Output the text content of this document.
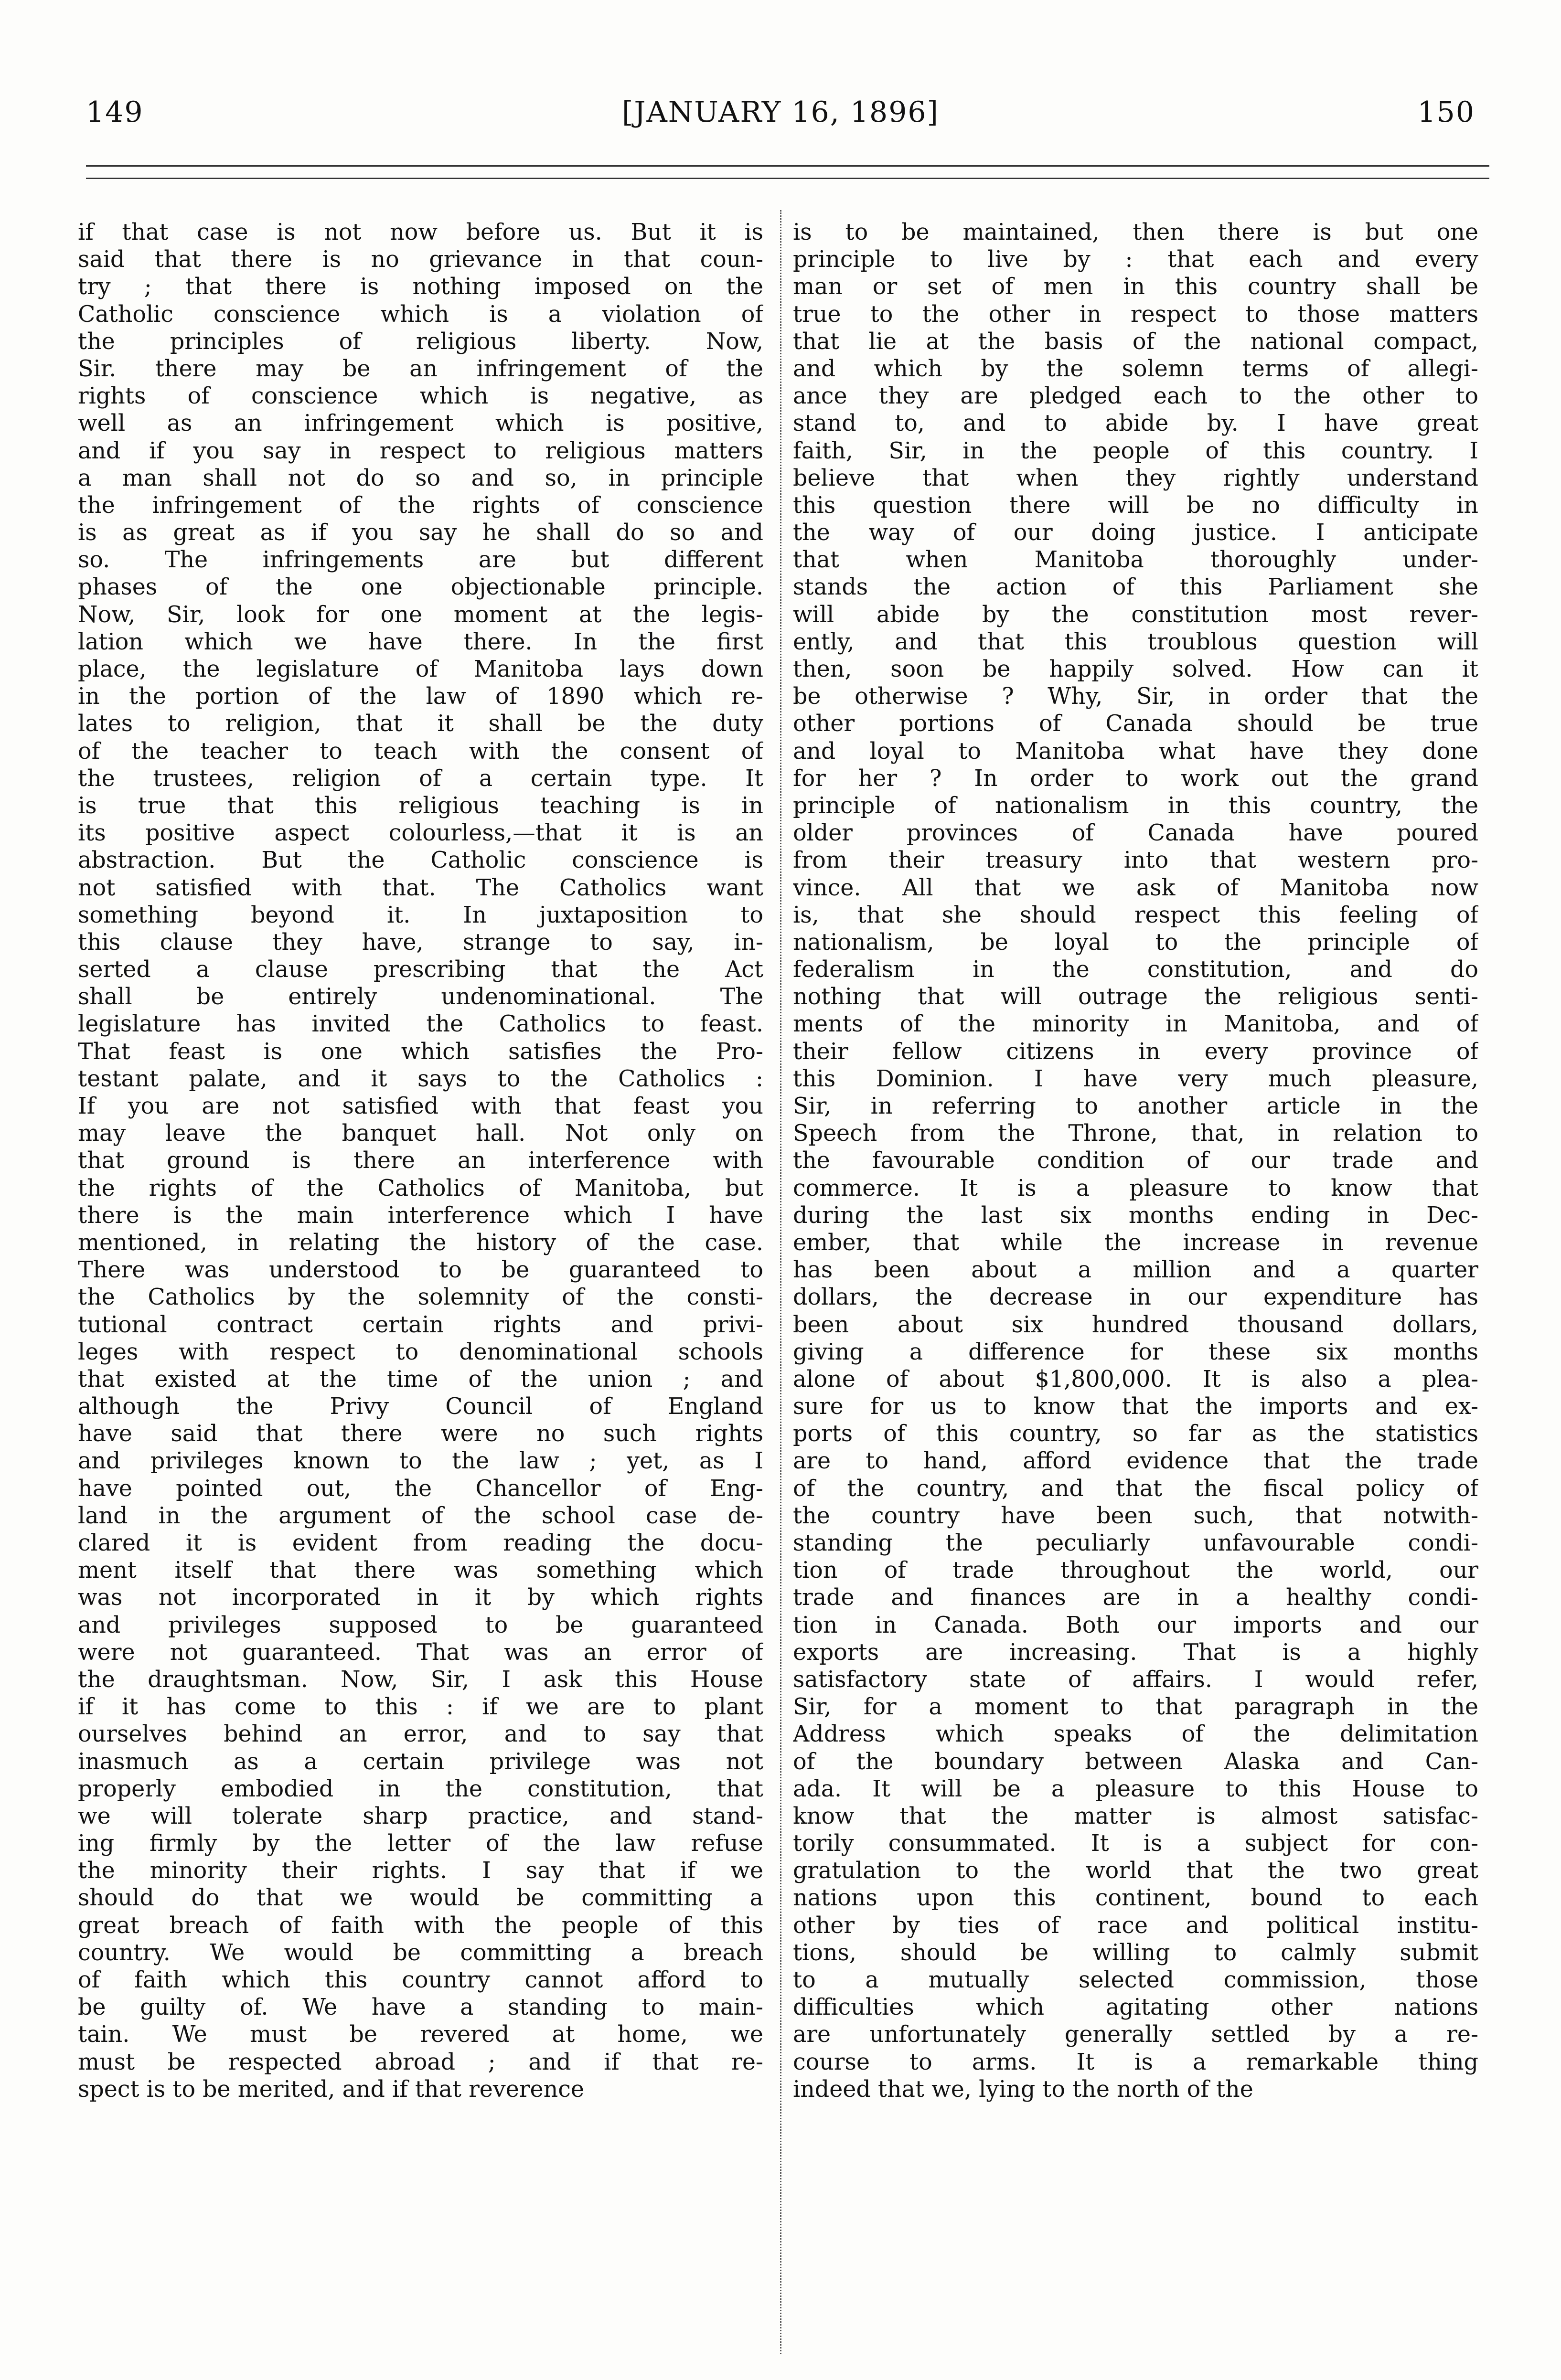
149	[JANUARY 16, 1896]	150
if that case is not now before us. But it is
said that there is no grievance in that coun-
try ; that there is nothing imposed on the
Catholic conscience which is a violation of
the principles of religious liberty. Now,
Sir. there may be an infringement of the
rights of conscience which is negative, as
well as an infringement which is positive,
and if you say in respect to religious matters
a man shall not do so and so, in principle
the infringement of the rights of conscience
is as great as if you say he shall do so and
so. The infringements are but different
phases of the one objectionable principle.
Now, Sir, look for one moment at the legis-
lation which we have there. In the first
place, the legislature of Manitoba lays down
in the portion of the law of 1890 which re-
lates to religion, that it shall be the duty
of the teacher to teach with the consent of
the trustees, religion of a certain type. It
is true that this religious teaching is in
its positive aspect colourless,—that it is an
abstraction. But the Catholic conscience is
not satisfied with that. The Catholics want
something beyond it. In juxtaposition to
this clause they have, strange to say, in-
serted a clause prescribing that the Act
shall be entirely undenominational. The
legislature has invited the Catholics to feast.
That feast is one which satisfies the Pro-
testant palate, and it says to the Catholics :
If you are not satisfied with that feast you
may leave the banquet hall. Not only on
that ground is there an interference with
the rights of the Catholics of Manitoba, but
there is the main interference which I have
mentioned, in relating the history of the case.
There was understood to be guaranteed to
the Catholics by the solemnity of the consti-
tutional contract certain rights and privi-
leges with respect to denominational schools
that existed at the time of the union ; and
although the Privy Council of England
have said that there were no such rights
and privileges known to the law ; yet, as I
have pointed out, the Chancellor of Eng-
land in the argument of the school case de-
clared it is evident from reading the docu-
ment itself that there was something which
was not incorporated in it by which rights
and privileges supposed to be guaranteed
were not guaranteed. That was an error of
the draughtsman. Now, Sir, I ask this House
if it has come to this : if we are to plant
ourselves behind an error, and to say that
inasmuch as a certain privilege was not
properly embodied in the constitution, that
we will tolerate sharp practice, and stand-
ing firmly by the letter of the law refuse
the minority their rights. I say that if we
should do that we would be committing a
great breach of faith with the people of this
country. We would be committing a breach
of faith which this country cannot afford to
be guilty of. We have a standing to main-
tain. We must be revered at home, we
must be respected abroad ; and if that re-
spect is to be merited, and if that reverence
is to be maintained, then there is but one
principle to live by : that each and every
man or set of men in this country shall be
true to the other in respect to those matters
that lie at the basis of the national compact,
and which by the solemn terms of allegi-
ance they are pledged each to the other to
stand to, and to abide by. I have great
faith, Sir, in the people of this country. I
believe that when they rightly understand
this question there will be no difficulty in
the way of our doing justice. I anticipate
that when Manitoba thoroughly under-
stands the action of this Parliament she
will abide by the constitution most rever-
ently, and that this troublous question will
then, soon be happily solved. How can it
be otherwise ? Why, Sir, in order that the
other portions of Canada should be true
and loyal to Manitoba what have they done
for her ? In order to work out the grand
principle of nationalism in this country, the
older provinces of Canada have poured
from their treasury into that western pro-
vince. All that we ask of Manitoba now
is, that she should respect this feeling of
nationalism, be loyal to the principle of
federalism in the constitution, and do
nothing that will outrage the religious senti-
ments of the minority in Manitoba, and of
their fellow citizens in every province of
this Dominion. I have very much pleasure,
Sir, in referring to another article in the
Speech from the Throne, that, in relation to
the favourable condition of our trade and
commerce. It is a pleasure to know that
during the last six months ending in Dec-
ember, that while the increase in revenue
has been about a million and a quarter
dollars, the decrease in our expenditure has
been about six hundred thousand dollars,
giving a difference for these six months
alone of about $1,800,000. It is also a plea-
sure for us to know that the imports and ex-
ports of this country, so far as the statistics
are to hand, afford evidence that the trade
of the country, and that the fiscal policy of
the country have been such, that notwith-
standing the peculiarly unfavourable condi-
tion of trade throughout the world, our
trade and finances are in a healthy condi-
tion in Canada. Both our imports and our
exports are increasing. That is a highly
satisfactory state of affairs. I would refer,
Sir, for a moment to that paragraph in the
Address which speaks of the delimitation
of the boundary between Alaska and Can-
ada. It will be a pleasure to this House to
know that the matter is almost satisfac-
torily consummated. It is a subject for con-
gratulation to the world that the two great
nations upon this continent, bound to each
other by ties of race and political institu-
tions, should be willing to calmly submit
to a mutually selected commission, those
difficulties which agitating other nations
are unfortunately generally settled by a re-
course to arms. It is a remarkable thing
indeed that we, lying to the north of the
